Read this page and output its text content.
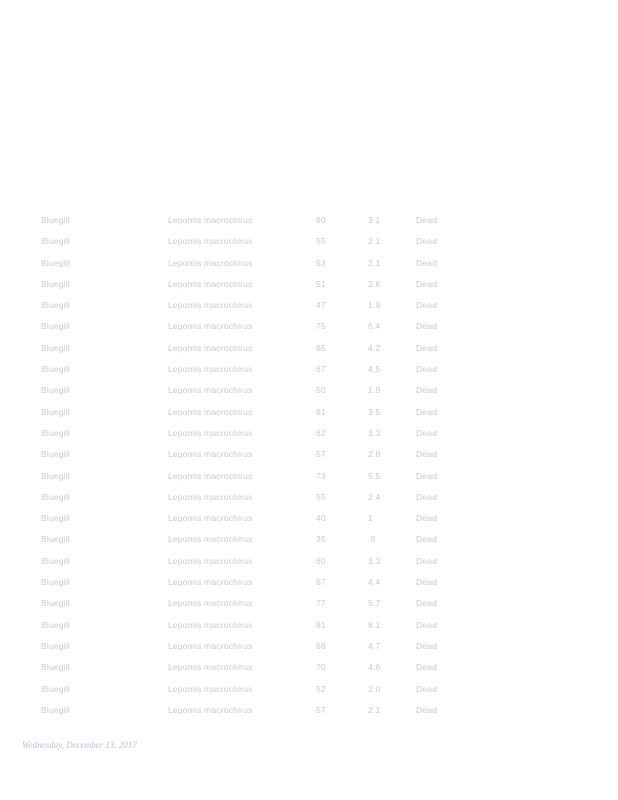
Bluegill	Lepomis macrochirus	60	3.1	Dead
Bluegill	Lepomis macrochirus	55	2.1	Dead
Bluegill	Lepomis macrochirus	53	2.1	Dead
Bluegill	Lepomis macrochirus	51	2.6	Dead
Bluegill	Lepomis macrochirus	47	1.9	Dead
Bluegill	Lepomis macrochirus	75	6.4	Dead
Bluegill	Lepomis macrochirus	65	4.2	Dead
Bluegill	Lepomis macrochirus	67	4.5	Dead
Bluegill	Lepomis macrochirus	50	1.9	Dead
Bluegill	Lepomis macrochirus	61	3.5	Dead
Bluegill	Lepomis macrochirus	62	3.3	Dead
Bluegill	Lepomis macrochirus	57	2.8	Dead
Bluegill	Lepomis macrochirus	73	5.5	Dead
Bluegill	Lepomis macrochirus	55	2.4	Dead
Bluegill	Lepomis macrochirus	40	1	Dead
Bluegill	Lepomis macrochirus	35	.8	Dead
Bluegill	Lepomis macrochirus	60	3.3	Dead
Bluegill	Lepomis macrochirus	67	4.4	Dead
Bluegill	Lepomis macrochirus	77	5.7	Dead
Bluegill	Lepomis macrochirus	81	8.1	Dead
Bluegill	Lepomis macrochirus	68	4.7	Dead
Bluegill	Lepomis macrochirus	70	4.6	Dead
Bluegill	Lepomis macrochirus	52	2.0	Dead
Bluegill	Lepomis macrochirus	57	2.1	Dead
Wednesday, December 13, 2017
